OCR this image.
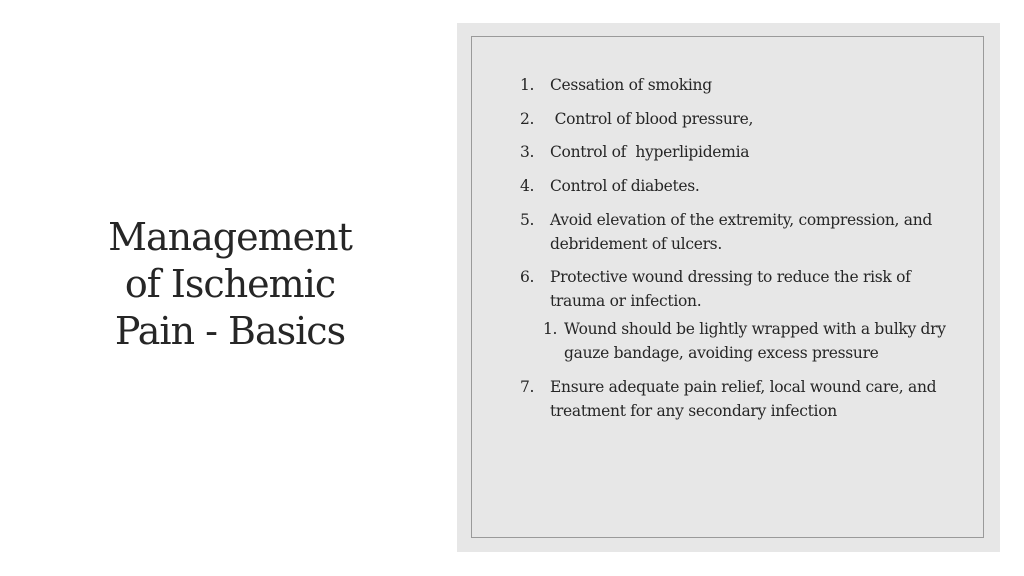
Management
of Ischemic
Pain - Basics
1. Cessation of smoking
2. Control of blood pressure,
3. Control of  hyperlipidemia
4. Control of diabetes.
5. Avoid elevation of the extremity, compression, and debridement of ulcers.
6. Protective wound dressing to reduce the risk of trauma or infection.
1. Wound should be lightly wrapped with a bulky dry gauze bandage, avoiding excess pressure
7. Ensure adequate pain relief, local wound care, and treatment for any secondary infection
